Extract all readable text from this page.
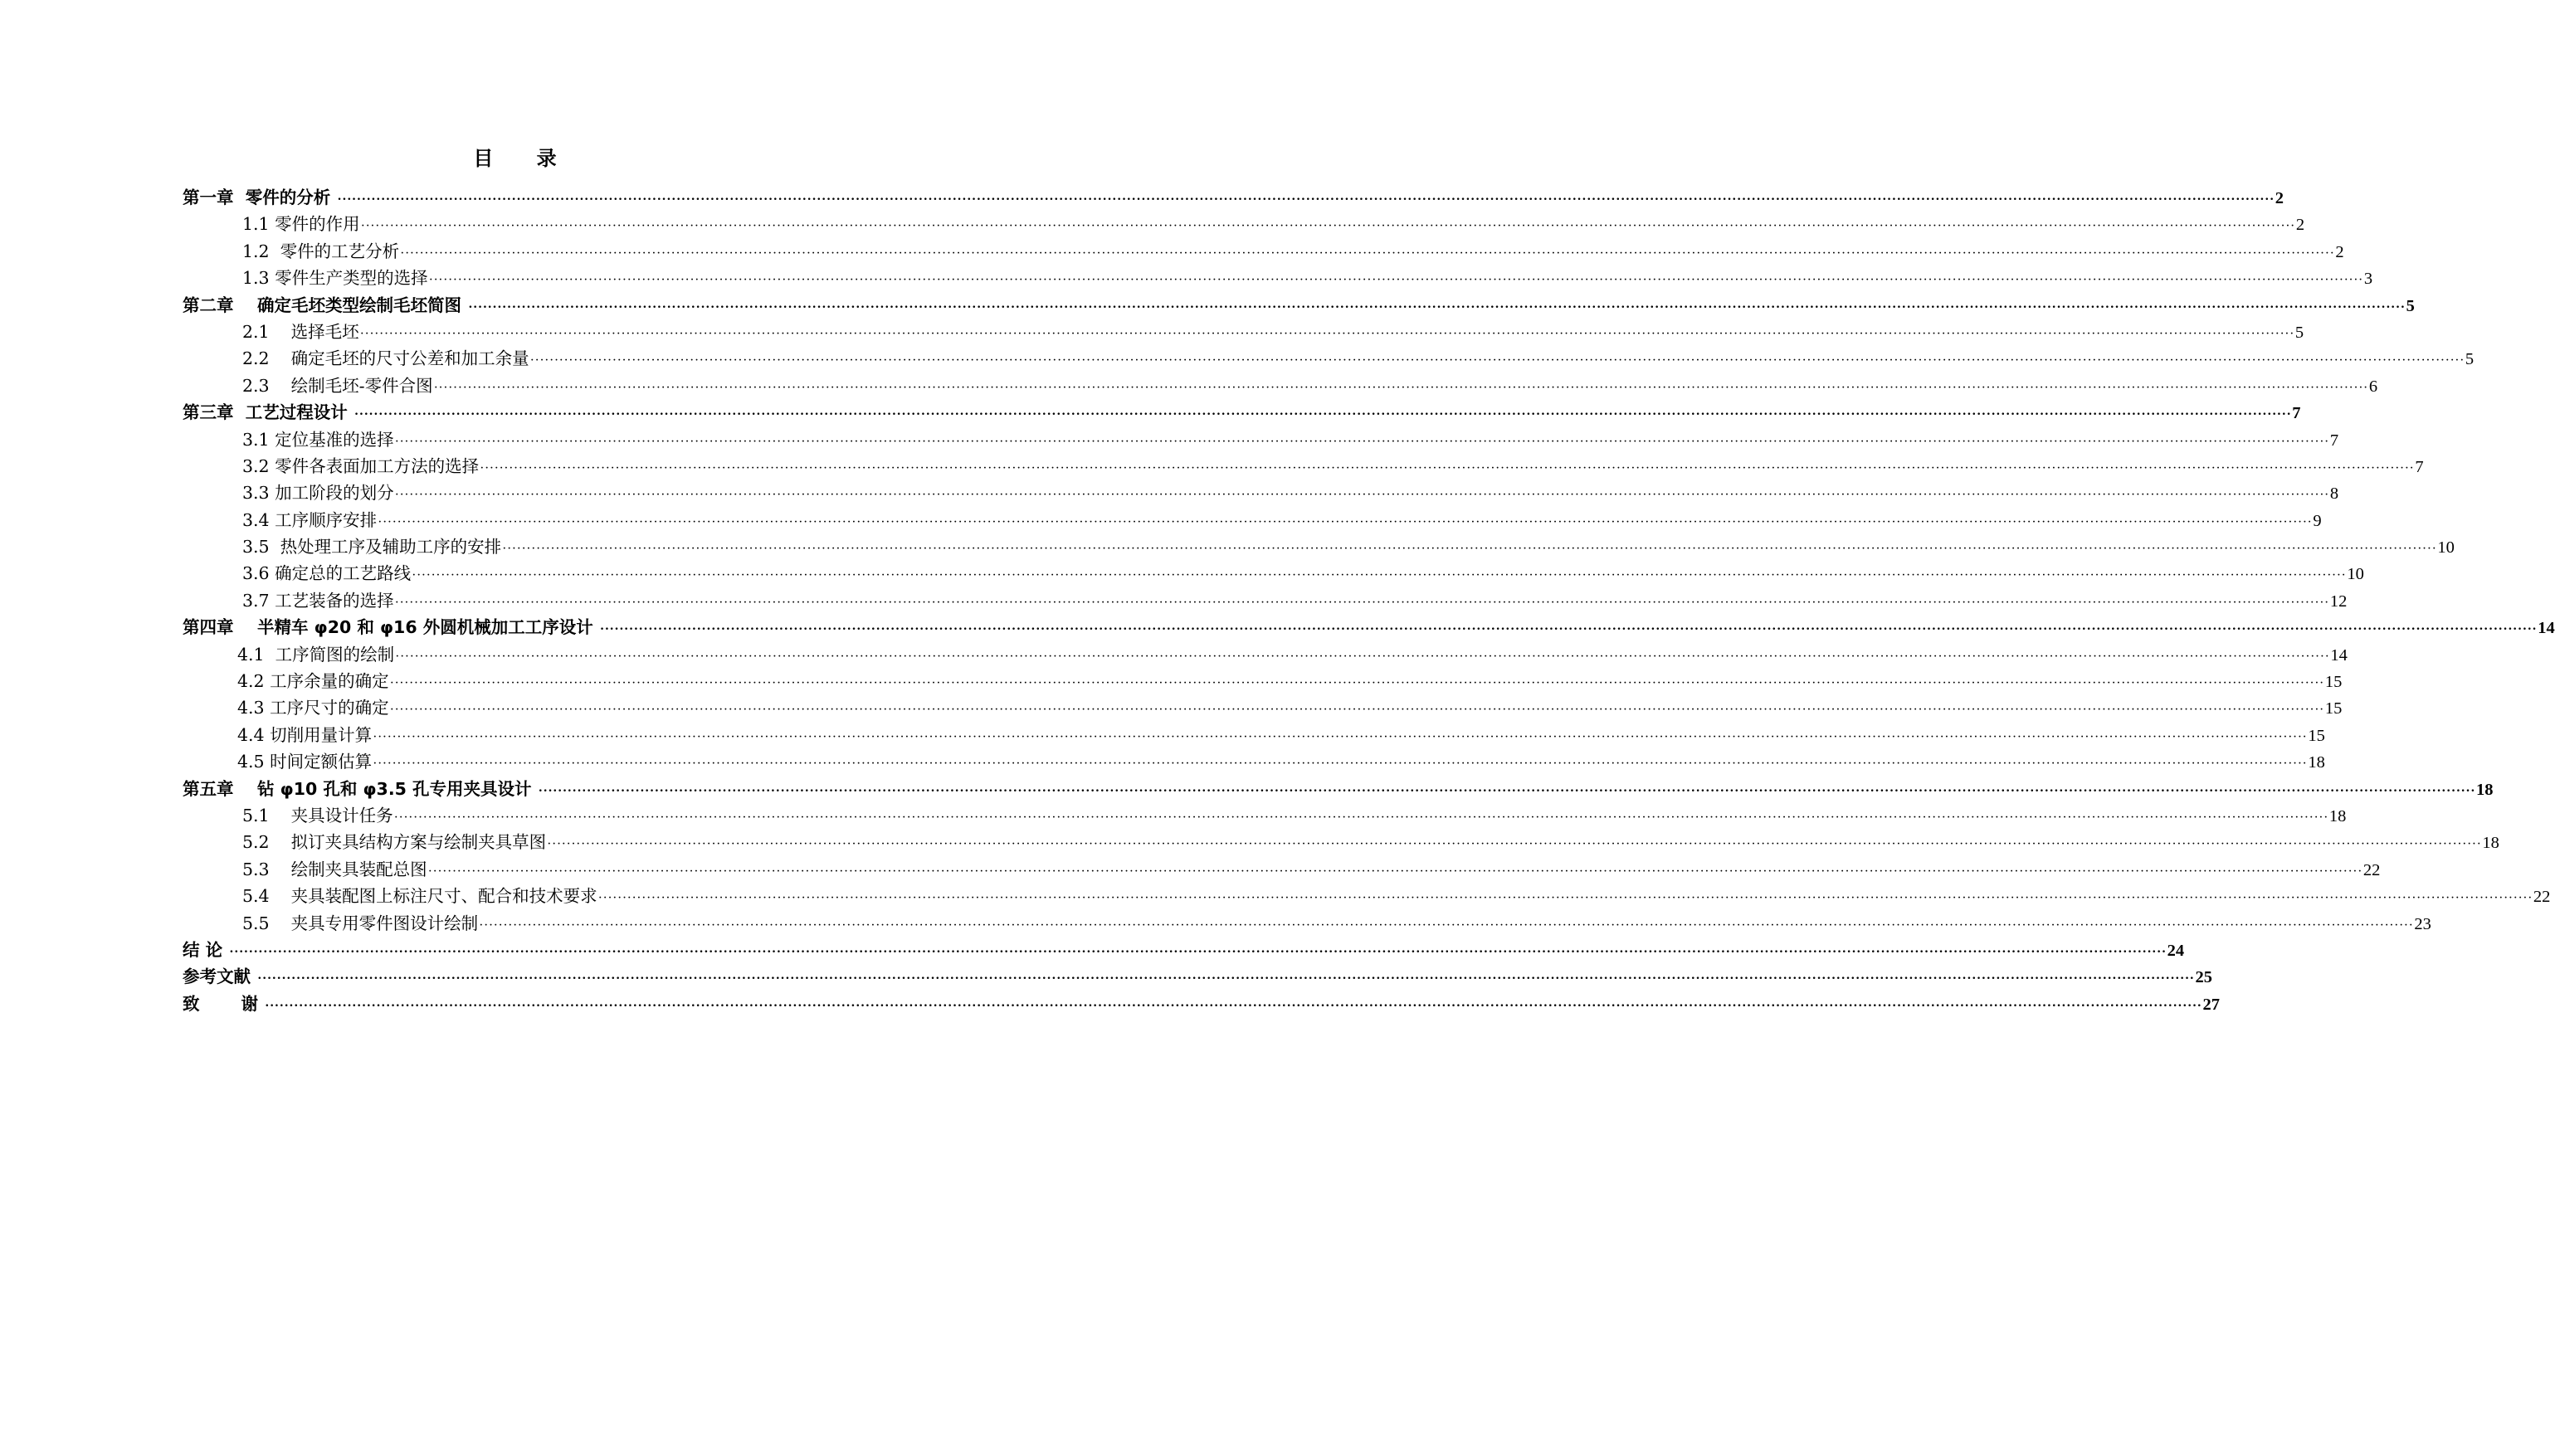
目 录
第一章  零件的分析 ················································································································································································································································································································································································································ 2
1.1 零件的作用 ················································································································································································································································································································································································································ 2
1.2  零件的工艺分析 ················································································································································································································································································································································································································ 2
1.3 零件生产类型的选择 ················································································································································································································································································································································································································ 3
第二章    确定毛坯类型绘制毛坯简图 ················································································································································································································································································································································································································ 5
2.1    选择毛坯 ················································································································································································································································································································································································································ 5
2.2    确定毛坯的尺寸公差和加工余量 ················································································································································································································································································································································································································ 5
2.3    绘制毛坯-零件合图 ················································································································································································································································································································································································································ 6
第三章  工艺过程设计 ················································································································································································································································································································································································································ 7
3.1 定位基准的选择 ················································································································································································································································································································································································································ 7
3.2 零件各表面加工方法的选择 ················································································································································································································································································································································································································ 7
3.3 加工阶段的划分 ················································································································································································································································································································································································································ 8
3.4 工序顺序安排 ················································································································································································································································································································································································································ 9
3.5  热处理工序及辅助工序的安排 ················································································································································································································································································································································································································ 10
3.6 确定总的工艺路线 ················································································································································································································································································································································································································ 10
3.7 工艺装备的选择 ················································································································································································································································································································································································································ 12
第四章    半精车 φ20 和 φ16 外圆机械加工工序设计 ················································································································································································································································································································································································································ 14
4.1  工序简图的绘制 ················································································································································································································································································································································································································ 14
4.2 工序余量的确定 ················································································································································································································································································································································································································ 15
4.3 工序尺寸的确定 ················································································································································································································································································································································································································ 15
4.4 切削用量计算 ················································································································································································································································································································································································································ 15
4.5 时间定额估算 ················································································································································································································································································································································································································ 18
第五章    钻 φ10 孔和 φ3.5 孔专用夹具设计 ················································································································································································································································································································································································································ 18
5.1    夹具设计任务 ················································································································································································································································································································································································································ 18
5.2    拟订夹具结构方案与绘制夹具草图 ················································································································································································································································································································································································································ 18
5.3    绘制夹具装配总图 ················································································································································································································································································································································································································ 22
5.4    夹具装配图上标注尺寸、配合和技术要求 ················································································································································································································································································································································································································ 22
5.5    夹具专用零件图设计绘制 ················································································································································································································································································································································································································ 23
结 论 ················································································································································································································································································································································································································ 24
参考文献 ················································································································································································································································································································································································································ 25
致       谢 ················································································································································································································································································································································································································ 27
